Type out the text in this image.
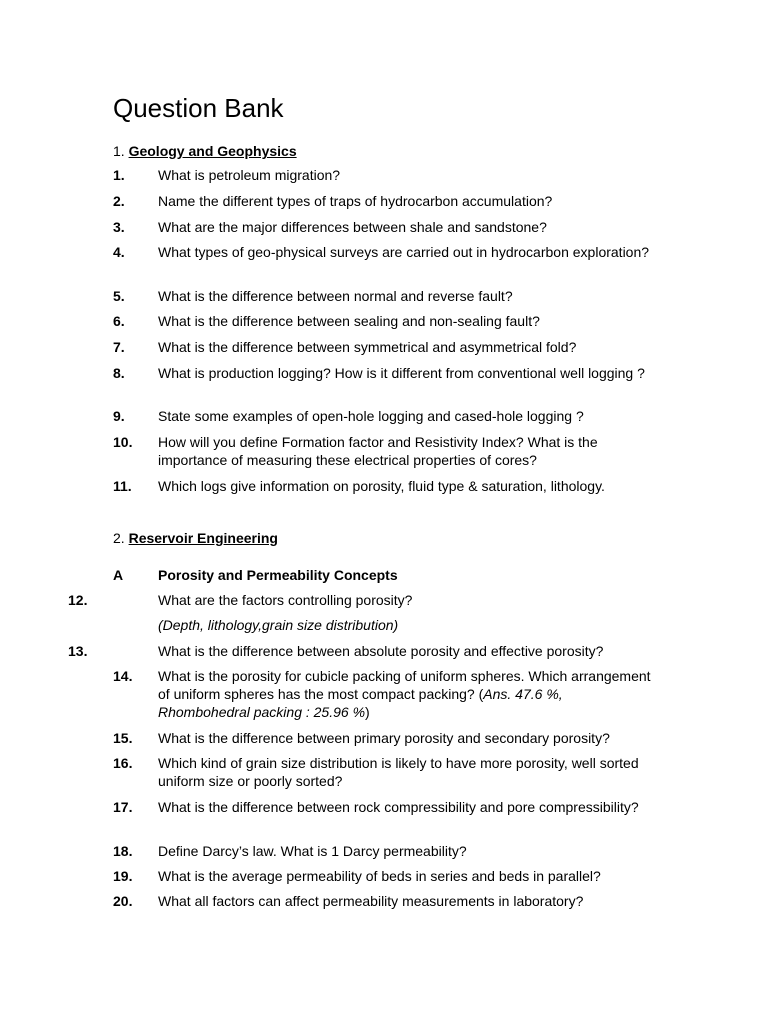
Question Bank
1. Geology and Geophysics
1. What is petroleum migration?
2. Name the different types of traps of hydrocarbon accumulation?
3. What are the major differences between shale and sandstone?
4. What types of geo-physical surveys are carried out in hydrocarbon exploration?
5. What is the difference between normal and reverse fault?
6. What is the difference between sealing and non-sealing fault?
7. What is the difference between symmetrical and asymmetrical fold?
8. What is production logging? How is it different from conventional well logging ?
9. State some examples of open-hole logging and cased-hole logging ?
10. How will you define Formation factor and Resistivity Index? What is the importance of measuring these electrical properties of cores?
11. Which logs give information on porosity, fluid type & saturation, lithology.
2. Reservoir Engineering
A Porosity and Permeability Concepts
12.	What are the factors controlling porosity?
(Depth, lithology,grain size distribution)
13.	What is the difference between absolute porosity and effective porosity?
14. What is the porosity for cubicle packing of uniform spheres. Which arrangement of uniform spheres has the most compact packing? (Ans. 47.6 %, Rhombohedral packing : 25.96 %)
15. What is the difference between primary porosity and secondary porosity?
16. Which kind of grain size distribution is likely to have more porosity, well sorted uniform size or poorly sorted?
17. What is the difference between rock compressibility and pore compressibility?
18. Define Darcy’s law. What is 1 Darcy permeability?
19. What is the average permeability of beds in series and beds in parallel?
20. What all factors can affect permeability measurements in laboratory?
